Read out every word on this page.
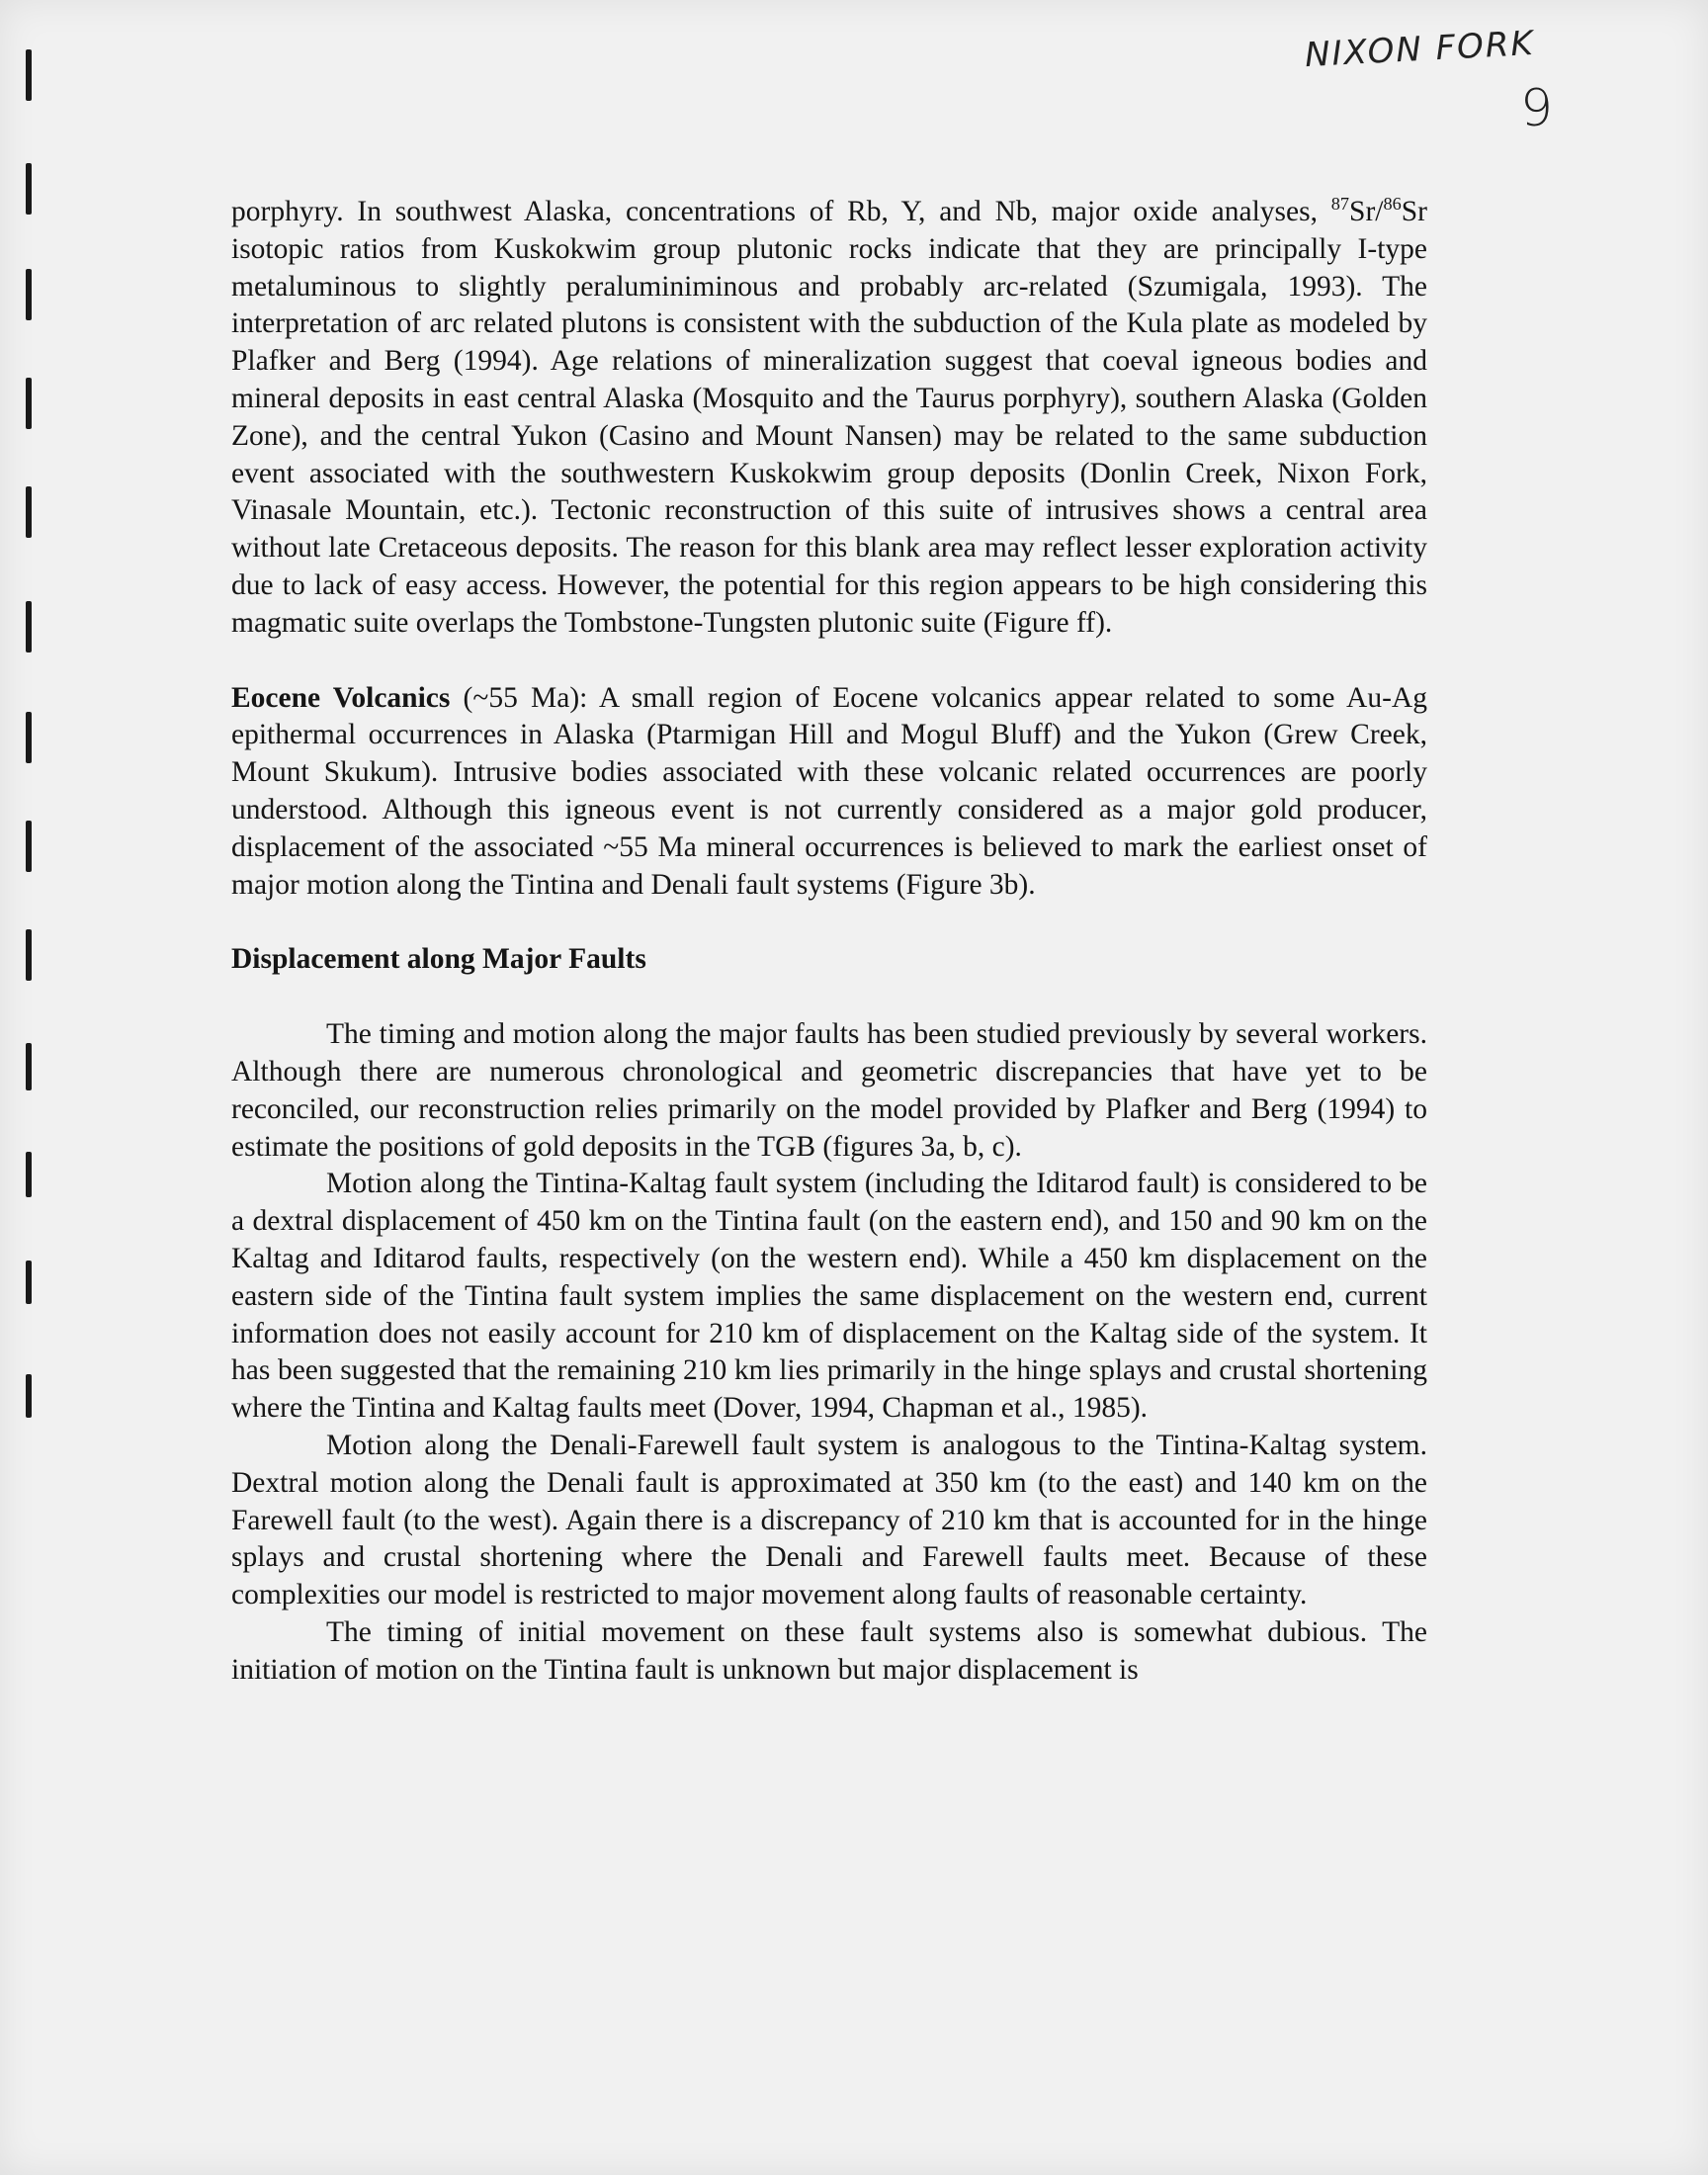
NIXON FORK
9

porphyry. In southwest Alaska, concentrations of Rb, Y, and Nb, major oxide analyses, $^{87}$Sr/$^{86}$Sr isotopic ratios from Kuskokwim group plutonic rocks indicate that they are principally I-type metaluminous to slightly peraluminiminous and probably arc-related (Szumigala, 1993). The interpretation of arc related plutons is consistent with the subduction of the Kula plate as modeled by Plafker and Berg (1994). Age relations of mineralization suggest that coeval igneous bodies and mineral deposits in east central Alaska (Mosquito and the Taurus porphyry), southern Alaska (Golden Zone), and the central Yukon (Casino and Mount Nansen) may be related to the same subduction event associated with the southwestern Kuskokwim group deposits (Donlin Creek, Nixon Fork, Vinasale Mountain, etc.). Tectonic reconstruction of this suite of intrusives shows a central area without late Cretaceous deposits. The reason for this blank area may reflect lesser exploration activity due to lack of easy access. However, the potential for this region appears to be high considering this magmatic suite overlaps the Tombstone-Tungsten plutonic suite (Figure ff).

Eocene Volcanics (~55 Ma): A small region of Eocene volcanics appear related to some Au-Ag epithermal occurrences in Alaska (Ptarmigan Hill and Mogul Bluff) and the Yukon (Grew Creek, Mount Skukum). Intrusive bodies associated with these volcanic related occurrences are poorly understood. Although this igneous event is not currently considered as a major gold producer, displacement of the associated ~55 Ma mineral occurrences is believed to mark the earliest onset of major motion along the Tintina and Denali fault systems (Figure 3b).

Displacement along Major Faults

The timing and motion along the major faults has been studied previously by several workers. Although there are numerous chronological and geometric discrepancies that have yet to be reconciled, our reconstruction relies primarily on the model provided by Plafker and Berg (1994) to estimate the positions of gold deposits in the TGB (figures 3a, b, c).

Motion along the Tintina-Kaltag fault system (including the Iditarod fault) is considered to be a dextral displacement of 450 km on the Tintina fault (on the eastern end), and 150 and 90 km on the Kaltag and Iditarod faults, respectively (on the western end). While a 450 km displacement on the eastern side of the Tintina fault system implies the same displacement on the western end, current information does not easily account for 210 km of displacement on the Kaltag side of the system. It has been suggested that the remaining 210 km lies primarily in the hinge splays and crustal shortening where the Tintina and Kaltag faults meet (Dover, 1994, Chapman et al., 1985).

Motion along the Denali-Farewell fault system is analogous to the Tintina-Kaltag system. Dextral motion along the Denali fault is approximated at 350 km (to the east) and 140 km on the Farewell fault (to the west). Again there is a discrepancy of 210 km that is accounted for in the hinge splays and crustal shortening where the Denali and Farewell faults meet. Because of these complexities our model is restricted to major movement along faults of reasonable certainty.

The timing of initial movement on these fault systems also is somewhat dubious. The initiation of motion on the Tintina fault is unknown but major displacement is
